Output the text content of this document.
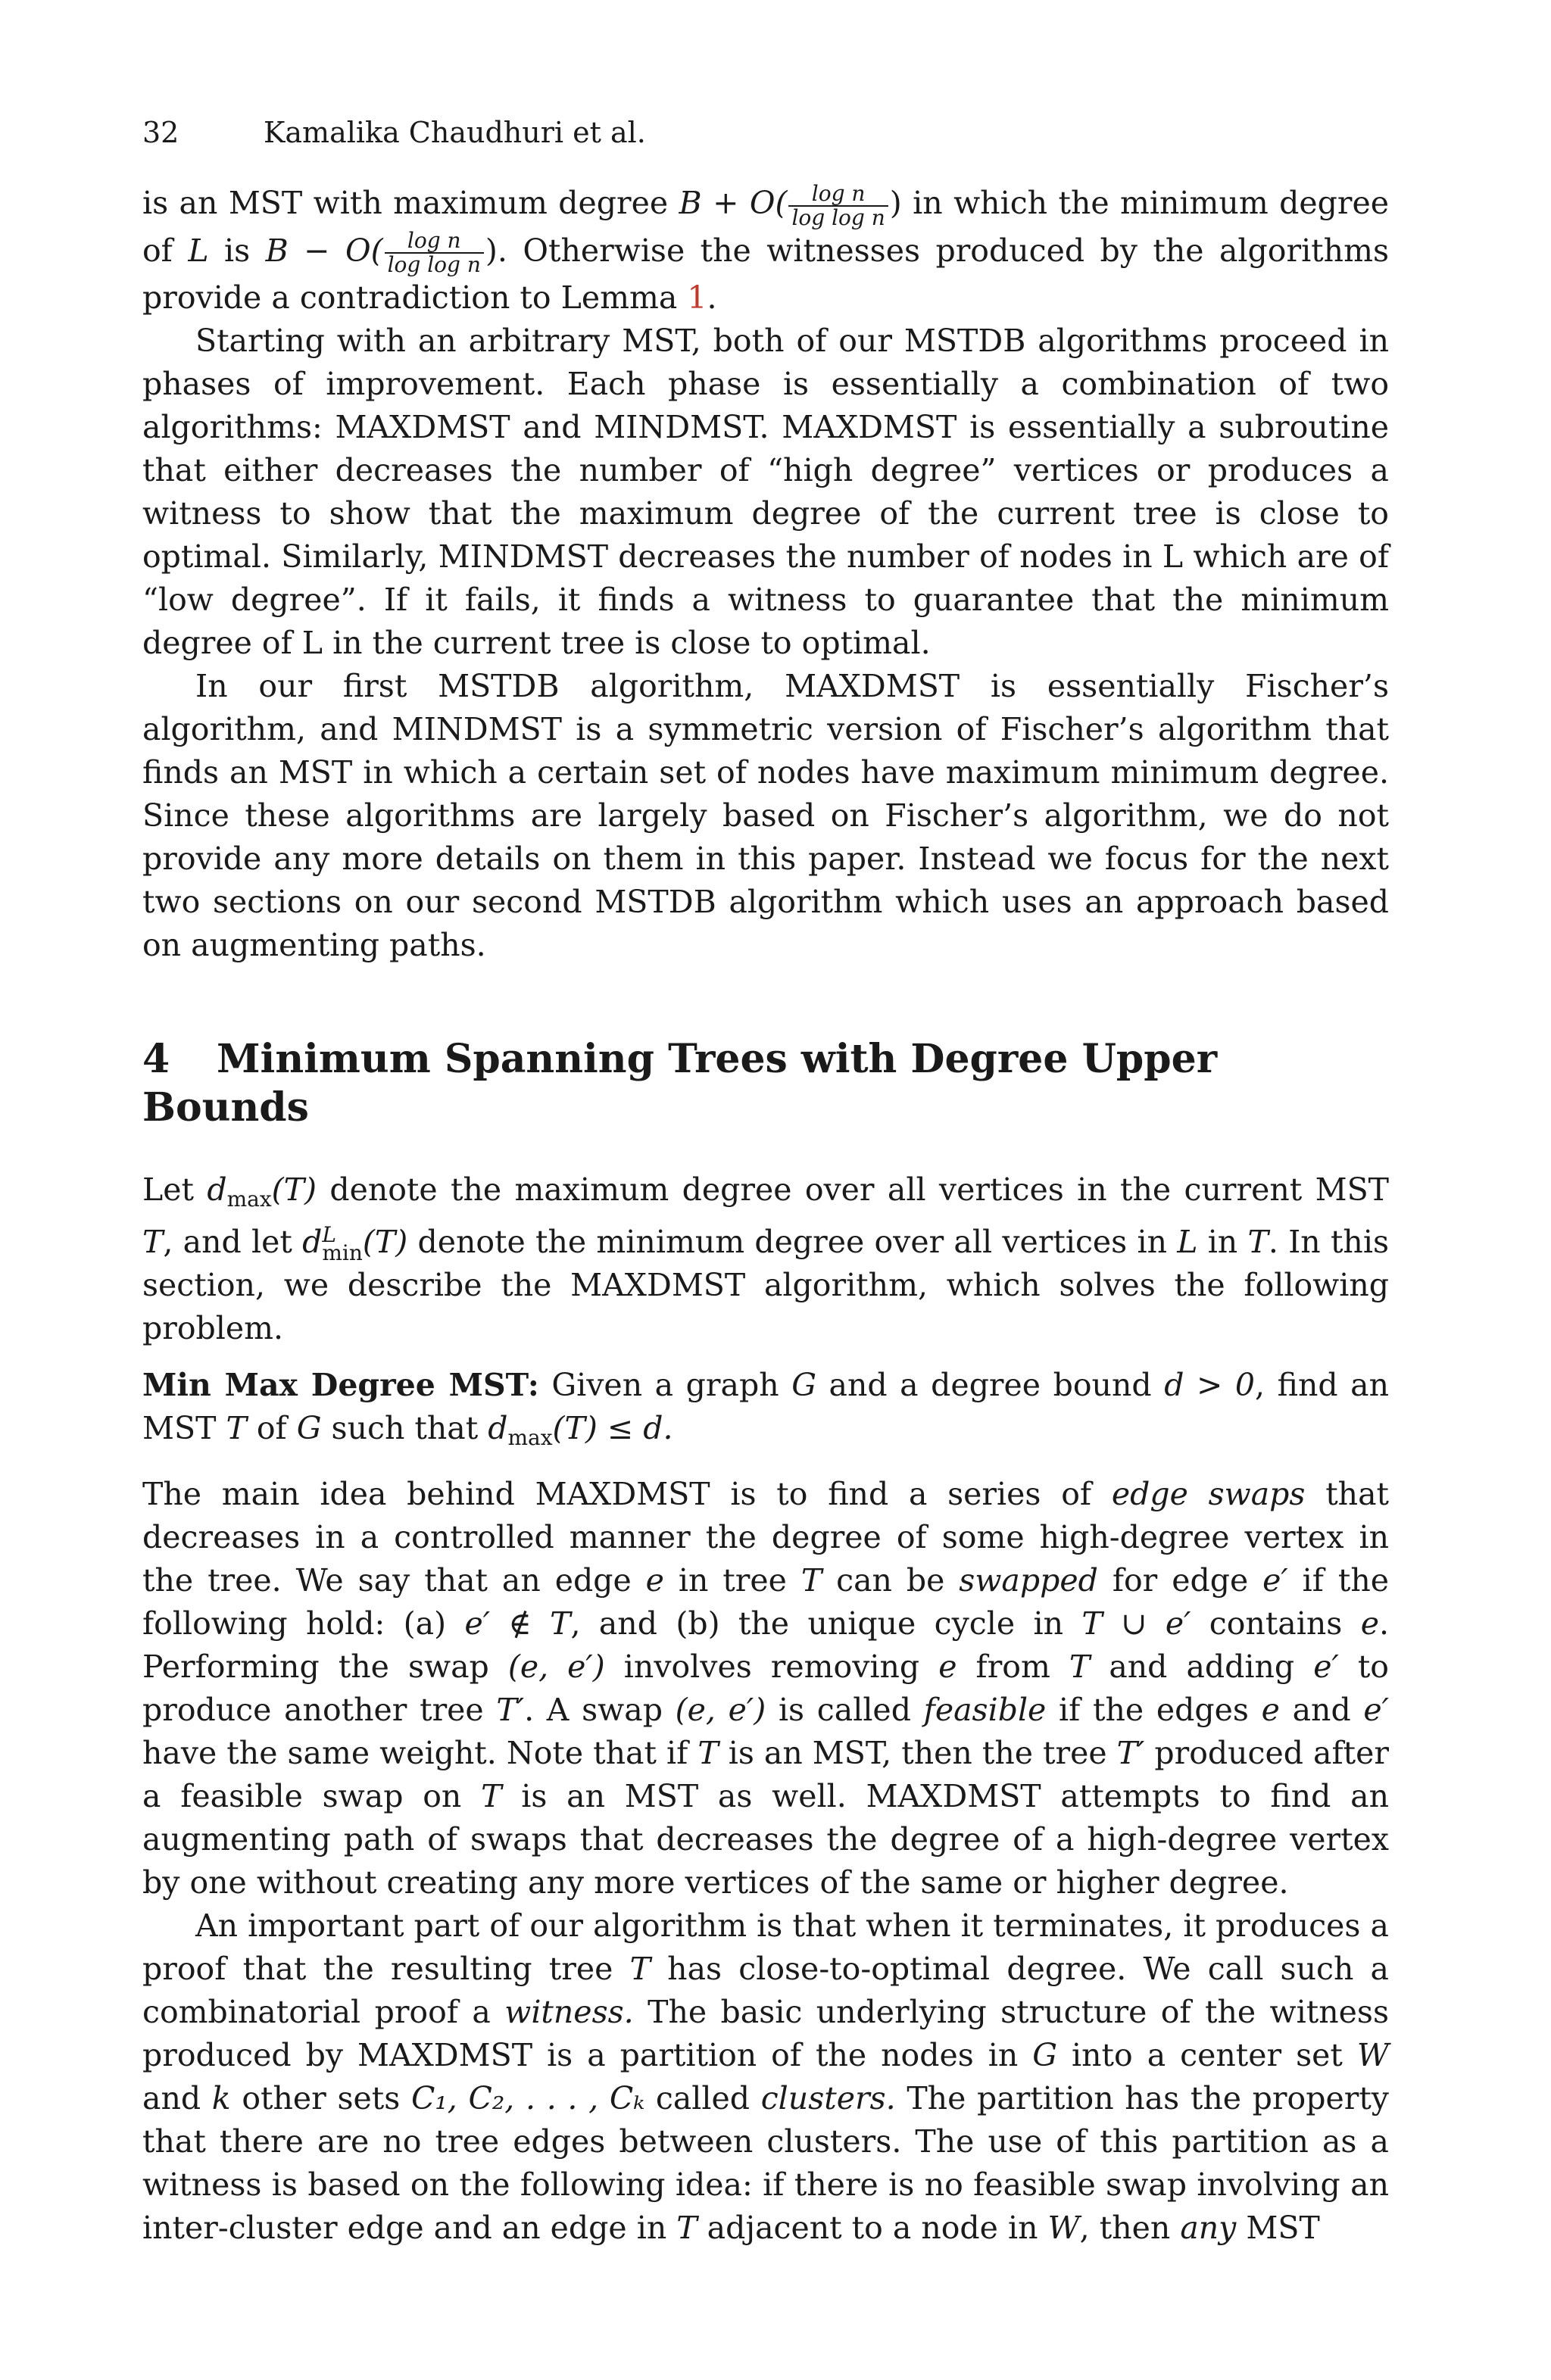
32	Kamalika Chaudhuri et al.

is an MST with maximum degree $B + O( \frac{\text{log n}}{\text{log log n}}$ ) in which the minimum degree of L is $B - O( \frac{\text{log n}}{\text{log log n}}$ ). Otherwise the witnesses produced by the algorithms provide a contradiction to Lemma 1.

Starting with an arbitrary MST, both of our MSTDB algorithms proceed in phases of improvement. Each phase is essentially a combination of two algorithms: MAXDMST and MINDMST. MAXDMST is essentially a subroutine that either decreases the number of “high degree” vertices or produces a witness to show that the maximum degree of the current tree is close to optimal. Similarly, MINDMST decreases the number of nodes in L which are of “low degree”. If it fails, it finds a witness to guarantee that the minimum degree of L in the current tree is close to optimal.

In our first MSTDB algorithm, MAXDMST is essentially Fischer’s algorithm, and MINDMST is a symmetric version of Fischer’s algorithm that finds an MST in which a certain set of nodes have maximum minimum degree. Since these algorithms are largely based on Fischer’s algorithm, we do not provide any more details on them in this paper. Instead we focus for the next two sections on our second MSTDB algorithm which uses an approach based on augmenting paths.

4 Minimum Spanning Trees with Degree Upper Bounds

Let $d_{max}(T)$ denote the maximum degree over all vertices in the current MST T, and let dL
min (T) denote the minimum degree over all vertices in L in T. In this section, we describe the MAXDMST algorithm, which solves the following problem.

Min Max Degree MST: Given a graph G and a degree bound d > 0, find an MST T of G such that $d_{max}(T) \le d$.

The main idea behind MAXDMST is to find a series of edge swaps that decreases in a controlled manner the degree of some high-degree vertex in the tree. We say that an edge e in tree T can be swapped for edge e′ if the following hold: (a) e′ ∉ T, and (b) the unique cycle in T ∪ e′ contains e. Performing the swap (e, e′) involves removing e from T and adding e′ to produce another tree T′. A swap (e, e′) is called feasible if the edges e and e′ have the same weight. Note that if T is an MST, then the tree T′ produced after a feasible swap on T is an MST as well. MAXDMST attempts to find an augmenting path of swaps that decreases the degree of a high-degree vertex by one without creating any more vertices of the same or higher degree.

An important part of our algorithm is that when it terminates, it produces a proof that the resulting tree T has close-to-optimal degree. We call such a combinatorial proof a witness. The basic underlying structure of the witness produced by MAXDMST is a partition of the nodes in G into a center set W and k other sets C₁, C₂, . . . , Cₖ called clusters. The partition has the property that there are no tree edges between clusters. The use of this partition as a witness is based on the following idea: if there is no feasible swap involving an inter-cluster edge and an edge in T adjacent to a node in W, then any MST
